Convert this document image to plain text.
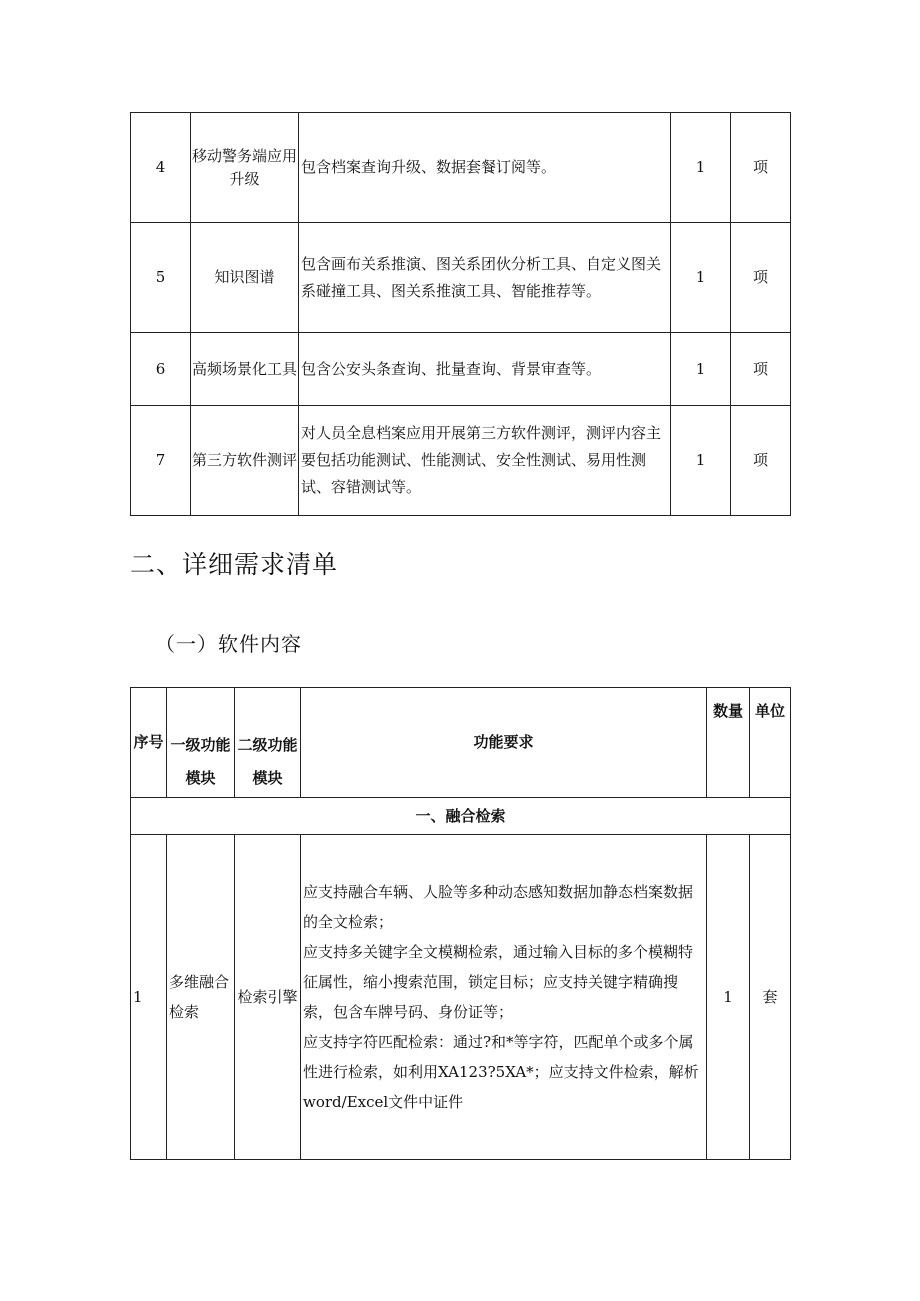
4	移动警务端应用升级	包含档案查询升级、数据套餐订阅等。	1	项
5	知识图谱	包含画布关系推演、图关系团伙分析工具、自定义图关系碰撞工具、图关系推演工具、智能推荐等。	1	项
6	高频场景化工具	包含公安头条查询、批量查询、背景审查等。	1	项
7	第三方软件测评	对人员全息档案应用开展第三方软件测评，测评内容主要包括功能测试、性能测试、安全性测试、易用性测试、容错测试等。	1	项
二、详细需求清单
（一）软件内容
序号	一级功能模块	二级功能模块	功能要求	数量	单位
一、融合检索					
1	多维融合检索	检索引擎	应支持融合车辆、人脸等多种动态感知数据加静态档案数据的全文检索；
应支持多关键字全文模糊检索，通过输入目标的多个模糊特征属性，缩小搜索范围，锁定目标；应支持关键字精确搜索，包含车牌号码、身份证等；
应支持字符匹配检索：通过?和*等字符，匹配单个或多个属性进行检索，如利用XA123?5XA*；应支持文件检索，解析word/Excel文件中证件	1	套
